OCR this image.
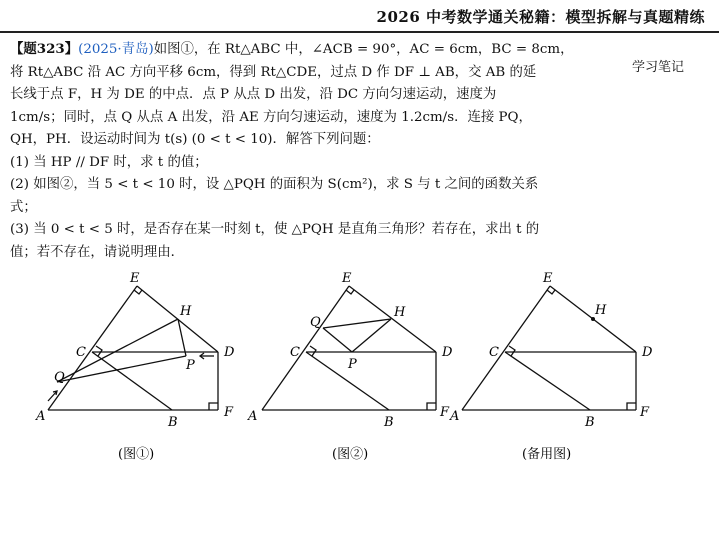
2026 中考数学通关秘籍：模型拆解与真题精练
学习笔记

【题323】(2025·青岛)如图①，在 Rt△ABC 中，∠ACB = 90°，AC = 6cm，BC = 8cm，

将 Rt△ABC 沿 AC 方向平移 6cm，得到 Rt△CDE，过点 D 作 DF ⊥ AB，交 AB 的延

长线于点 F，H 为 DE 的中点．点 P 从点 D 出发，沿 DC 方向匀速运动，速度为

1cm/s；同时，点 Q 从点 A 出发，沿 AE 方向匀速运动，速度为 1.2cm/s．连接 PQ，

QH，PH．设运动时间为 t(s) (0 < t < 10)．解答下列问题：

(1) 当 HP // DF 时，求 t 的值；

(2) 如图②，当 5 < t < 10 时，设 △PQH 的面积为 S(cm²)，求 S 与 t 之间的函数关系

式；

(3) 当 0 < t < 5 时，是否存在某一时刻 t，使 △PQH 是直角三角形？若存在，求出 t 的

值；若不存在，请说明理由．

E
H
C	D
P
Q
A	B
F
(图①)
E
H
Q
C	D
P
A	B
F
(图②)
E
H
C	D
A	B
F
(备用图)
